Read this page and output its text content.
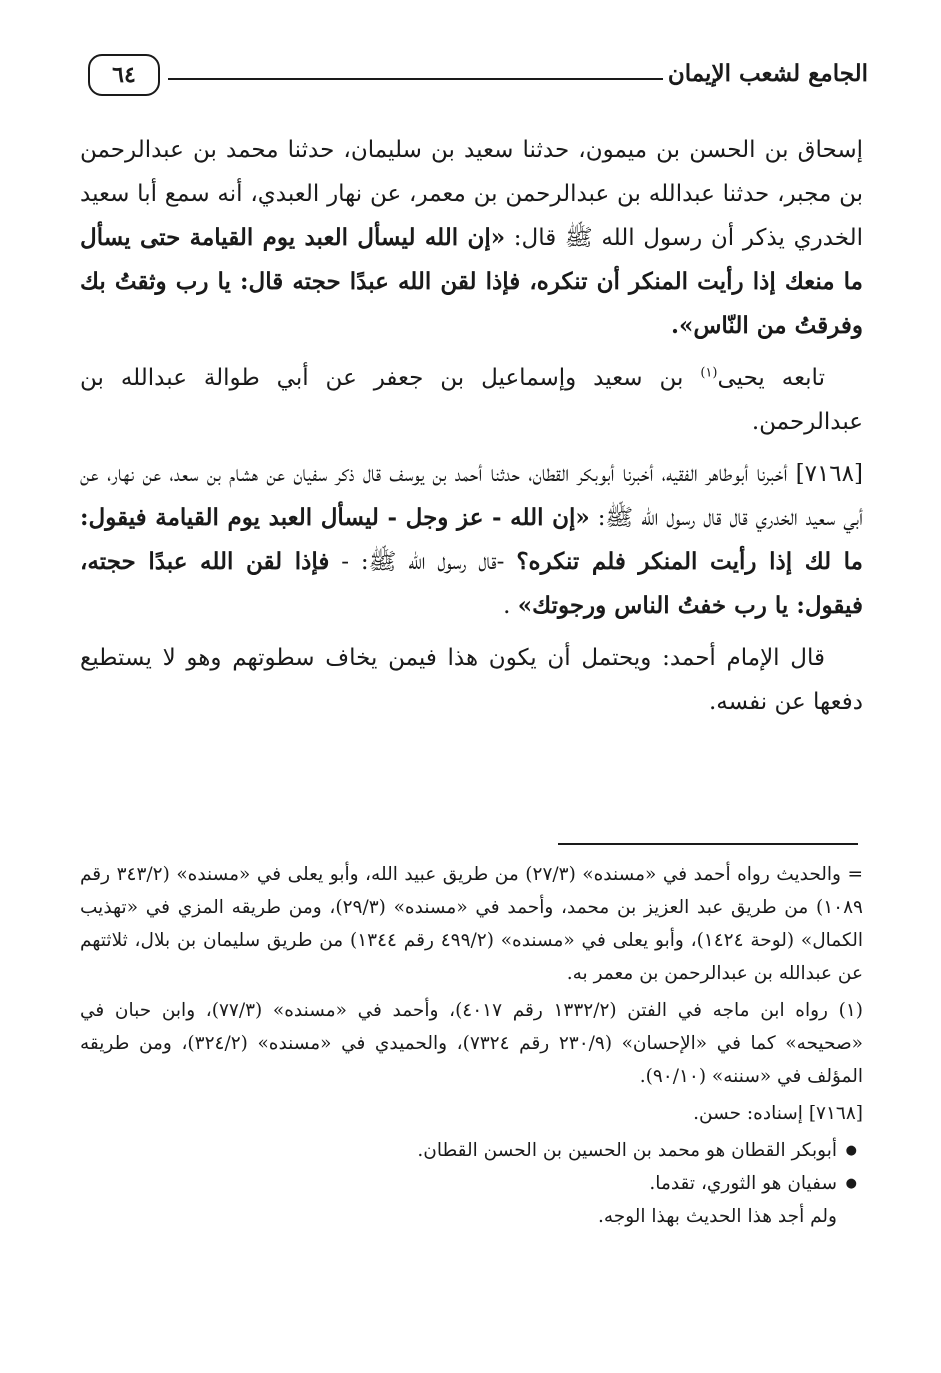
الجامع لشعب الإيمان
٦٤

إسحاق بن الحسن بن ميمون، حدثنا سعيد بن سليمان، حدثنا محمد بن عبدالرحمن بن مجبر، حدثنا عبدالله بن عبدالرحمن بن معمر، عن نهار العبدي، أنه سمع أبا سعيد الخدري يذكر أن رسول الله ﷺ قال: «إن الله ليسأل العبد يوم القيامة حتى يسأل ما منعك إذا رأيت المنكر أن تنكره، فإذا لقن الله عبدًا حجته قال: يا رب وثقتُ بك وفرقتُ من النّاس».

تابعه يحيى$^{(١)}$ بن سعيد وإسماعيل بن جعفر عن أبي طوالة عبدالله بن عبدالرحمن.

[٧١٦٨] أخبرنا أبوطاهر الفقيه، أخبرنا أبوبكر القطان، حدثنا أحمد بن يوسف قال ذكر سفيان عن هشام بن سعد، عن نهار، عن أبي سعيد الخدري قال قال رسول الله ﷺ: «إن الله - عز وجل - ليسأل العبد يوم القيامة فيقول: ما لك إذا رأيت المنكر فلم تنكره؟ -قال رسول الله ﷺ: - فإذا لقن الله عبدًا حجته، فيقول: يا رب خفتُ الناس ورجوتك» .

قال الإمام أحمد: ويحتمل أن يكون هذا فيمن يخاف سطوتهم وهو لا يستطيع دفعها عن نفسه.

= والحديث رواه أحمد في «مسنده» (٢٧/٣) من طريق عبيد الله، وأبو يعلى في «مسنده» (٣٤٣/٢ رقم ١٠٨٩) من طريق عبد العزيز بن محمد، وأحمد في «مسنده» (٢٩/٣)، ومن طريقه المزي في «تهذيب الكمال» (لوحة ١٤٢٤)، وأبو يعلى في «مسنده» (٤٩٩/٢ رقم ١٣٤٤) من طريق سليمان بن بلال، ثلاثتهم عن عبدالله بن عبدالرحمن بن معمر به.

(١) رواه ابن ماجه في الفتن (١٣٣٢/٢ رقم ٤٠١٧)، وأحمد في «مسنده» (٧٧/٣)، وابن حبان في «صحيحه» كما في «الإحسان» (٢٣٠/٩ رقم ٧٣٢٤)، والحميدي في «مسنده» (٣٢٤/٢)، ومن طريقه المؤلف في «سننه» (٩٠/١٠).

[٧١٦٨] إسناده: حسن.

● أبوبكر القطان هو محمد بن الحسين بن الحسن القطان.
● سفيان هو الثوري، تقدما.

ولم أجد هذا الحديث بهذا الوجه.
